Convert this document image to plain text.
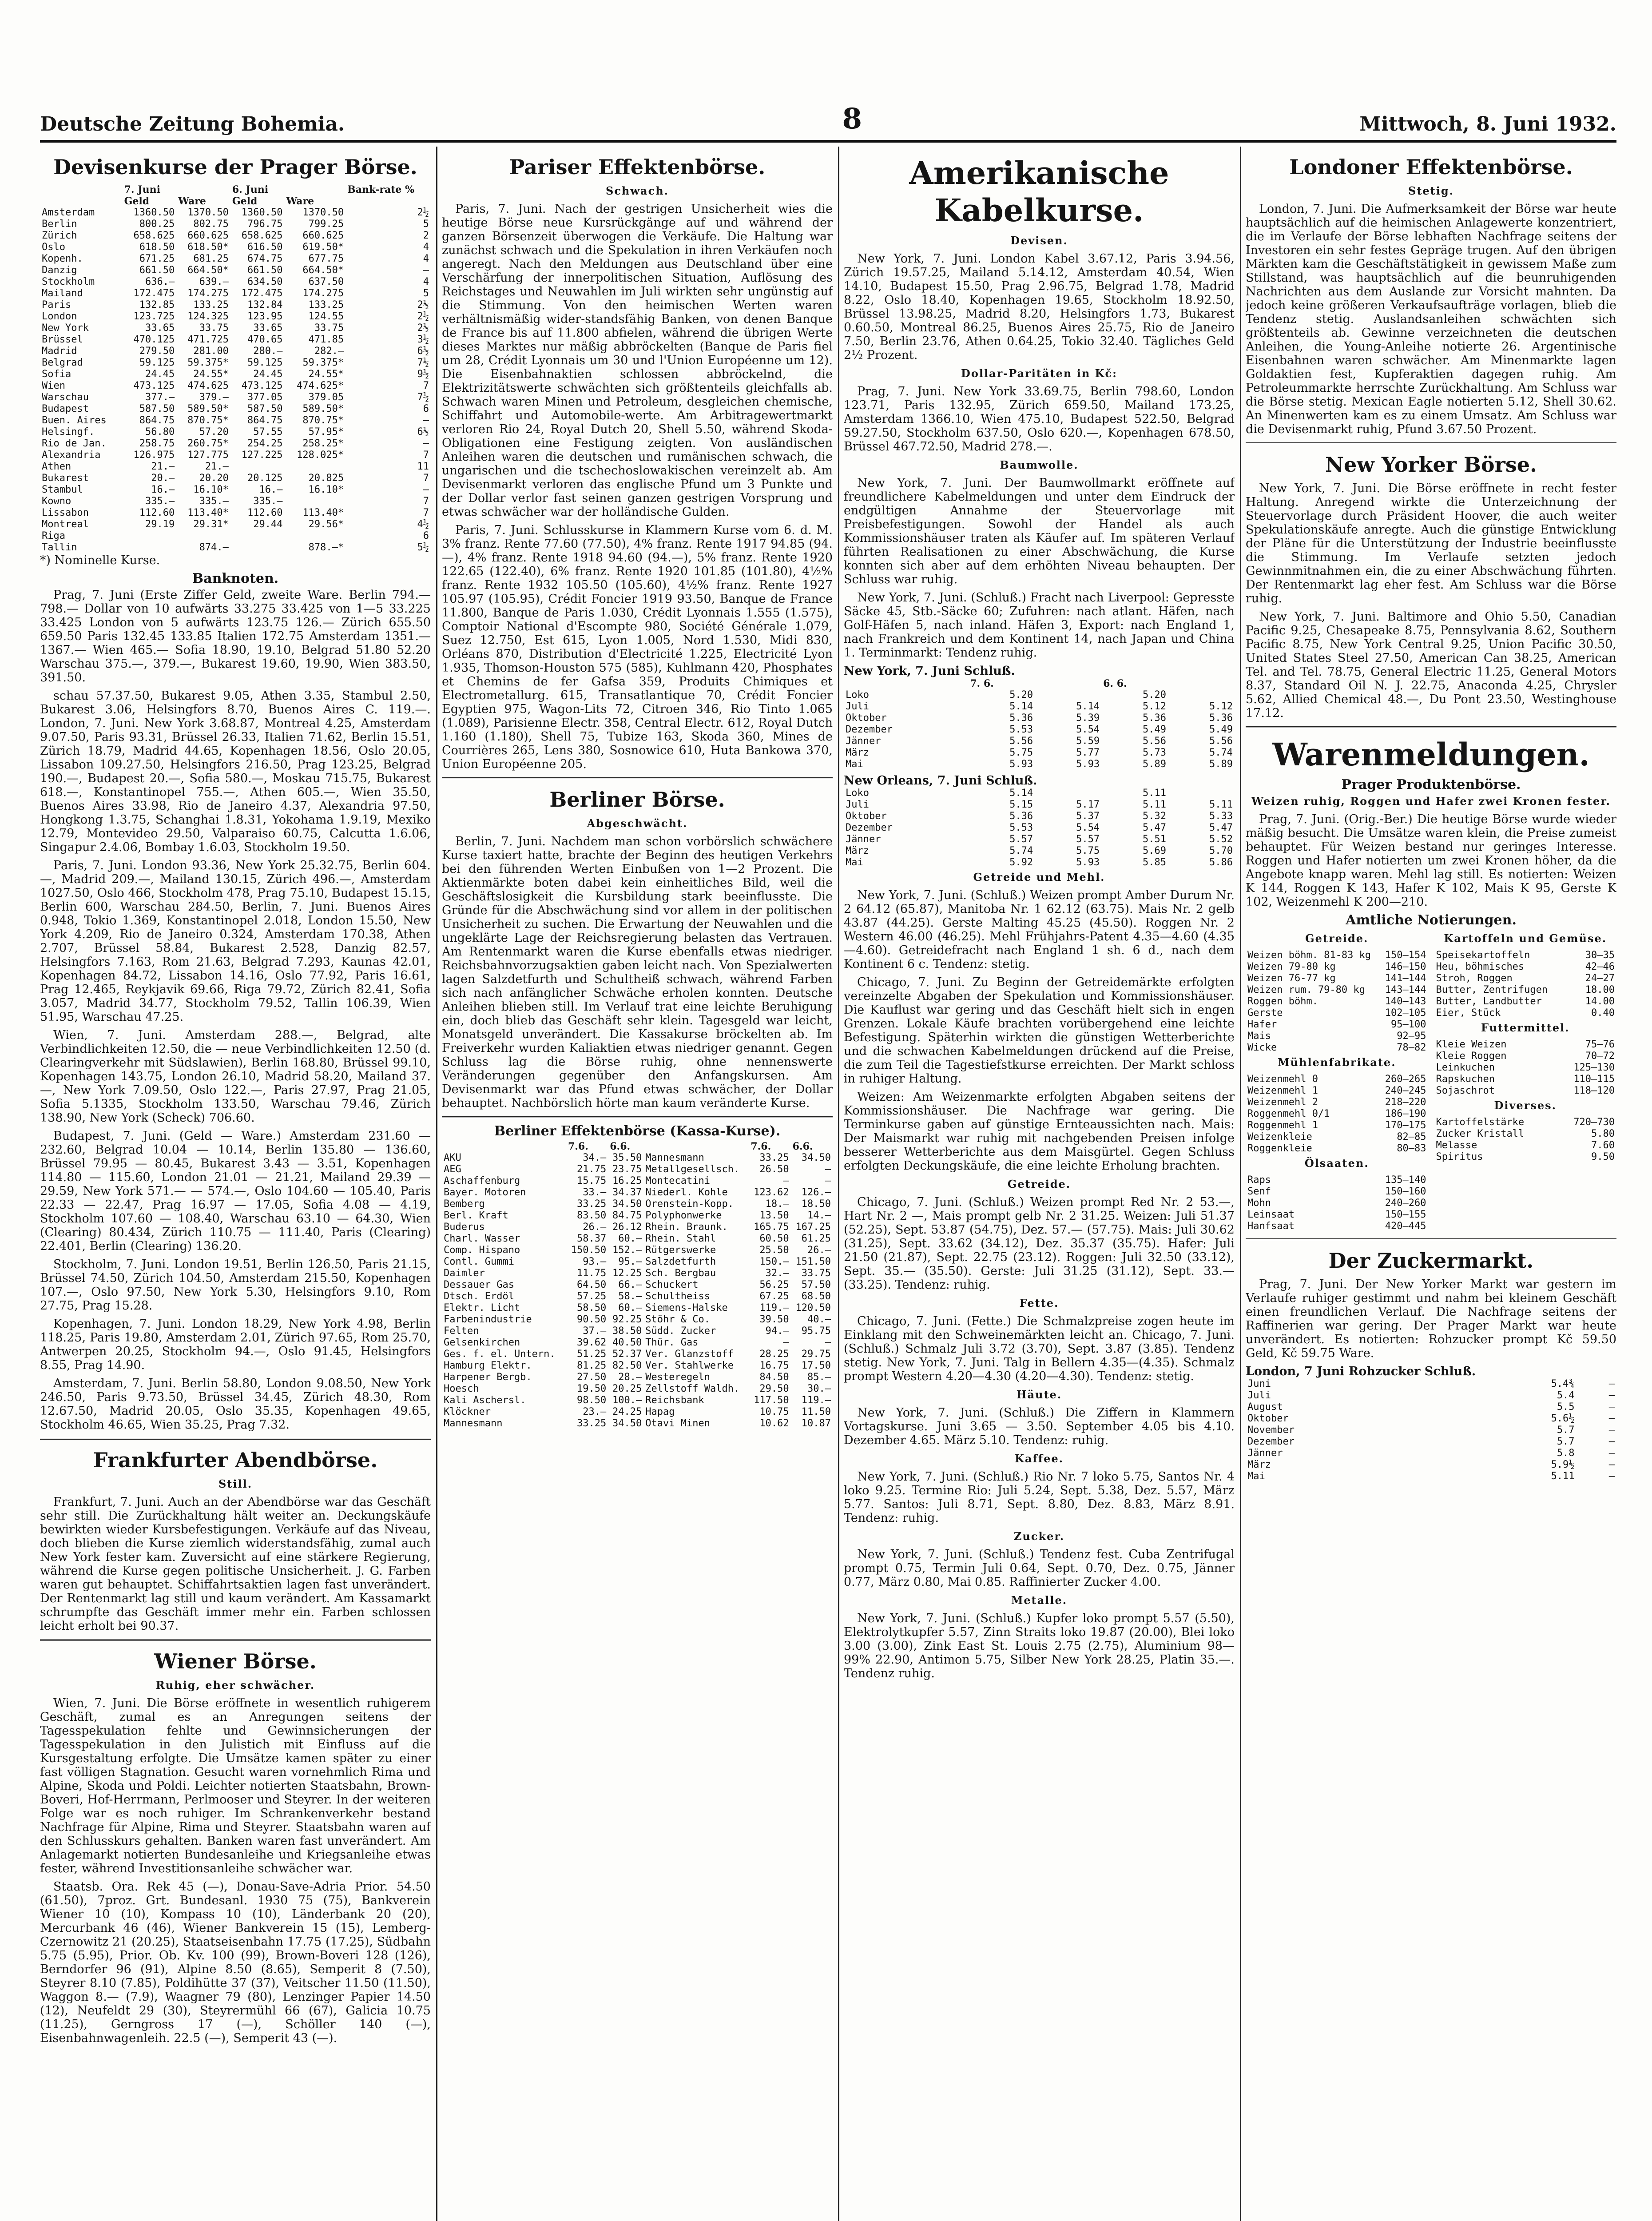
Deutsche Zeitung Bohemia.	8	Mittwoch, 8. Juni 1932.
Devisenkurse der Prager Börse.
	7. Juni		6. Juni		Bank-rate %
	Geld	Ware	Geld	Ware	
Amsterdam	1360.50	1370.50	1360.50	1370.50	2½
Berlin	800.25	802.75	796.75	799.25	5
Zürich	658.625	660.625	658.625	660.625	2
Oslo	618.50	618.50*	616.50	619.50*	4
Kopenh.	671.25	681.25	674.75	677.75	4
Danzig	661.50	664.50*	661.50	664.50*	—
Stockholm	636.—	639.—	634.50	637.50	4
Mailand	172.475	174.275	172.475	174.275	5
Paris	132.85	133.25	132.84	133.25	2½
London	123.725	124.325	123.95	124.55	2½
New York	33.65	33.75	33.65	33.75	2½
Brüssel	470.125	471.725	470.65	471.85	3½
Madrid	279.50	281.00	280.—	282.—	6½
Belgrad	59.125	59.375*	59.125	59.375*	7½
Sofia	24.45	24.55*	24.45	24.55*	9½
Wien	473.125	474.625	473.125	474.625*	7
Warschau	377.—	379.—	377.05	379.05	7½
Budapest	587.50	589.50*	587.50	589.50*	6
Buen. Aires	864.75	870.75*	864.75	870.75*	—
Helsingf.	56.80	57.20	57.55	57.95*	6½
Rio de Jan.	258.75	260.75*	254.25	258.25*	—
Alexandria	126.975	127.775	127.225	128.025*	7
Athen	21.—	21.—			11
Bukarest	20.—	20.20	20.125	20.825	7
Stambul	16.—	16.10*	16.—	16.10*	—
Kowno	335.—	335.—	335.—		7
Lissabon	112.60	113.40*	112.60	113.40*	7
Montreal	29.19	29.31*	29.44	29.56*	4½
Riga					6
Tallin		874.—		878.—*	5½
*) Nominelle Kurse.
Banknoten.

Prag, 7. Juni (Erste Ziffer Geld, zweite Ware. Berlin 794.— 798.— Dollar von 10 aufwärts 33.275 33.425 von 1—5 33.225 33.425 London von 5 aufwärts 123.75 126.— Zürich 655.50 659.50 Paris 132.45 133.85 Italien 172.75 Amsterdam 1351.— 1367.— Wien 465.— Sofia 18.90, 19.10, Belgrad 51.80 52.20 Warschau 375.—, 379.—, Bukarest 19.60, 19.90, Wien 383.50, 391.50.

schau 57.37.50, Bukarest 9.05, Athen 3.35, Stambul 2.50, Bukarest 3.06, Helsingfors 8.70, Buenos Aires C. 119.—. London, 7. Juni. New York 3.68.87, Montreal 4.25, Amsterdam 9.07.50, Paris 93.31, Brüssel 26.33, Italien 71.62, Berlin 15.51, Zürich 18.79, Madrid 44.65, Kopenhagen 18.56, Oslo 20.05, Lissabon 109.27.50, Helsingfors 216.50, Prag 123.25, Belgrad 190.—, Budapest 20.—, Sofia 580.—, Moskau 715.75, Bukarest 618.—, Konstantinopel 755.—, Athen 605.—, Wien 35.50, Buenos Aires 33.98, Rio de Janeiro 4.37, Alexandria 97.50, Hongkong 1.3.75, Schanghai 1.8.31, Yokohama 1.9.19, Mexiko 12.79, Montevideo 29.50, Valparaiso 60.75, Calcutta 1.6.06, Singapur 2.4.06, Bombay 1.6.03, Stockholm 19.50.

Paris, 7. Juni. London 93.36, New York 25.32.75, Berlin 604.—, Madrid 209.—, Mailand 130.15, Zürich 496.—, Amsterdam 1027.50, Oslo 466, Stockholm 478, Prag 75.10, Budapest 15.15, Berlin 600, Warschau 284.50, Berlin, 7. Juni. Buenos Aires 0.948, Tokio 1.369, Konstantinopel 2.018, London 15.50, New York 4.209, Rio de Janeiro 0.324, Amsterdam 170.38, Athen 2.707, Brüssel 58.84, Bukarest 2.528, Danzig 82.57, Helsingfors 7.163, Rom 21.63, Belgrad 7.293, Kaunas 42.01, Kopenhagen 84.72, Lissabon 14.16, Oslo 77.92, Paris 16.61, Prag 12.465, Reykjavik 69.66, Riga 79.72, Zürich 82.41, Sofia 3.057, Madrid 34.77, Stockholm 79.52, Tallin 106.39, Wien 51.95, Warschau 47.25.

Wien, 7. Juni. Amsterdam 288.—, Belgrad, alte Verbindlichkeiten 12.50, die — neue Verbindlichkeiten 12.50 (d. Clearingverkehr mit Südslawien), Berlin 168.80, Brüssel 99.10, Kopenhagen 143.75, London 26.10, Madrid 58.20, Mailand 37.—, New York 7.09.50, Oslo 122.—, Paris 27.97, Prag 21.05, Sofia 5.1335, Stockholm 133.50, Warschau 79.46, Zürich 138.90, New York (Scheck) 706.60.

Budapest, 7. Juni. (Geld — Ware.) Amsterdam 231.60 — 232.60, Belgrad 10.04 — 10.14, Berlin 135.80 — 136.60, Brüssel 79.95 — 80.45, Bukarest 3.43 — 3.51, Kopenhagen 114.80 — 115.60, London 21.01 — 21.21, Mailand 29.39 — 29.59, New York 571.— — 574.—, Oslo 104.60 — 105.40, Paris 22.33 — 22.47, Prag 16.97 — 17.05, Sofia 4.08 — 4.19, Stockholm 107.60 — 108.40, Warschau 63.10 — 64.30, Wien (Clearing) 80.434, Zürich 110.75 — 111.40, Paris (Clearing) 22.401, Berlin (Clearing) 136.20.

Stockholm, 7. Juni. London 19.51, Berlin 126.50, Paris 21.15, Brüssel 74.50, Zürich 104.50, Amsterdam 215.50, Kopenhagen 107.—, Oslo 97.50, New York 5.30, Helsingfors 9.10, Rom 27.75, Prag 15.28.

Kopenhagen, 7. Juni. London 18.29, New York 4.98, Berlin 118.25, Paris 19.80, Amsterdam 2.01, Zürich 97.65, Rom 25.70, Antwerpen 20.25, Stockholm 94.—, Oslo 91.45, Helsingfors 8.55, Prag 14.90.

Amsterdam, 7. Juni. Berlin 58.80, London 9.08.50, New York 246.50, Paris 9.73.50, Brüssel 34.45, Zürich 48.30, Rom 12.67.50, Madrid 20.05, Oslo 35.35, Kopenhagen 49.65, Stockholm 46.65, Wien 35.25, Prag 7.32.

Frankfurter Abendbörse.
Still.

Frankfurt, 7. Juni. Auch an der Abendbörse war das Geschäft sehr still. Die Zurückhaltung hält weiter an. Deckungskäufe bewirkten wieder Kursbefestigungen. Verkäufe auf das Niveau, doch blieben die Kurse ziemlich widerstandsfähig, zumal auch New York fester kam. Zuversicht auf eine stärkere Regierung, während die Kurse gegen politische Unsicherheit. J. G. Farben waren gut behauptet. Schiffahrtsaktien lagen fast unverändert. Der Rentenmarkt lag still und kaum verändert. Am Kassamarkt schrumpfte das Geschäft immer mehr ein. Farben schlossen leicht erholt bei 90.37.

Wiener Börse.
Ruhig, eher schwächer.

Wien, 7. Juni. Die Börse eröffnete in wesentlich ruhigerem Geschäft, zumal es an Anregungen seitens der Tagesspekulation fehlte und Gewinnsicherungen der Tagesspekulation in den Julistich mit Einfluss auf die Kursgestaltung erfolgte. Die Umsätze kamen später zu einer fast völligen Stagnation. Gesucht waren vornehmlich Rima und Alpine, Skoda und Poldi. Leichter notierten Staatsbahn, Brown-Boveri, Hof-Herrmann, Perlmooser und Steyrer. In der weiteren Folge war es noch ruhiger. Im Schrankenverkehr bestand Nachfrage für Alpine, Rima und Steyrer. Staatsbahn waren auf den Schlusskurs gehalten. Banken waren fast unverändert. Am Anlagemarkt notierten Bundesanleihe und Kriegsanleihe etwas fester, während Investitionsanleihe schwächer war.

Staatsb. Ora. Rek 45 (—), Donau-Save-Adria Prior. 54.50 (61.50), 7proz. Grt. Bundesanl. 1930 75 (75), Bankverein Wiener 10 (10), Kompass 10 (10), Länderbank 20 (20), Mercurbank 46 (46), Wiener Bankverein 15 (15), Lemberg-Czernowitz 21 (20.25), Staatseisenbahn 17.75 (17.25), Südbahn 5.75 (5.95), Prior. Ob. Kv. 100 (99), Brown-Boveri 128 (126), Berndorfer 96 (91), Alpine 8.50 (8.65), Semperit 8 (7.50), Steyrer 8.10 (7.85), Poldihütte 37 (37), Veitscher 11.50 (11.50), Waggon 8.— (7.9), Waagner 79 (80), Lenzinger Papier 14.50 (12), Neufeldt 29 (30), Steyrermühl 66 (67), Galicia 10.75 (11.25), Gerngross 17 (—), Schöller 140 (—), Eisenbahnwagenleih. 22.5 (—), Semperit 43 (—).

Pariser Effektenbörse.
Schwach.

Paris, 7. Juni. Nach der gestrigen Unsicherheit wies die heutige Börse neue Kursrückgänge auf und während der ganzen Börsenzeit überwogen die Verkäufe. Die Haltung war zunächst schwach und die Spekulation in ihren Verkäufen noch angeregt. Nach den Meldungen aus Deutschland über eine Verschärfung der innerpolitischen Situation, Auflösung des Reichstages und Neuwahlen im Juli wirkten sehr ungünstig auf die Stimmung. Von den heimischen Werten waren verhältnismäßig wider-standsfähig Banken, von denen Banque de France bis auf 11.800 abfielen, während die übrigen Werte dieses Marktes nur mäßig abbröckelten (Banque de Paris fiel um 28, Crédit Lyonnais um 30 und l'Union Européenne um 12). Die Eisenbahnaktien schlossen abbröckelnd, die Elektrizitätswerte schwächten sich größtenteils gleichfalls ab. Schwach waren Minen und Petroleum, desgleichen chemische, Schiffahrt und Automobile-werte. Am Arbitragewertmarkt verloren Rio 24, Royal Dutch 20, Shell 5.50, während Skoda-Obligationen eine Festigung zeigten. Von ausländischen Anleihen waren die deutschen und rumänischen schwach, die ungarischen und die tschechoslowakischen vereinzelt ab. Am Devisenmarkt verloren das englische Pfund um 3 Punkte und der Dollar verlor fast seinen ganzen gestrigen Vorsprung und etwas schwächer war der holländische Gulden.

Paris, 7. Juni. Schlusskurse in Klammern Kurse vom 6. d. M. 3% franz. Rente 77.60 (77.50), 4% franz. Rente 1917 94.85 (94.—), 4% franz. Rente 1918 94.60 (94.—), 5% franz. Rente 1920 122.65 (122.40), 6% franz. Rente 1920 101.85 (101.80), 4½% franz. Rente 1932 105.50 (105.60), 4½% franz. Rente 1927 105.97 (105.95), Crédit Foncier 1919 93.50, Banque de France 11.800, Banque de Paris 1.030, Crédit Lyonnais 1.555 (1.575), Comptoir National d'Escompte 980, Société Générale 1.079, Suez 12.750, Est 615, Lyon 1.005, Nord 1.530, Midi 830, Orléans 870, Distribution d'Electricité 1.225, Electricité Lyon 1.935, Thomson-Houston 575 (585), Kuhlmann 420, Phosphates et Chemins de fer Gafsa 359, Produits Chimiques et Electrometallurg. 615, Transatlantique 70, Crédit Foncier Egyptien 975, Wagon-Lits 72, Citroen 346, Rio Tinto 1.065 (1.089), Parisienne Electr. 358, Central Electr. 612, Royal Dutch 1.160 (1.180), Shell 75, Tubize 163, Skoda 360, Mines de Courrières 265, Lens 380, Sosnowice 610, Huta Bankowa 370, Union Européenne 205.

Berliner Börse.
Abgeschwächt.

Berlin, 7. Juni. Nachdem man schon vorbörslich schwächere Kurse taxiert hatte, brachte der Beginn des heutigen Verkehrs bei den führenden Werten Einbußen von 1—2 Prozent. Die Aktienmärkte boten dabei kein einheitliches Bild, weil die Geschäftslosigkeit die Kursbildung stark beeinflusste. Die Gründe für die Abschwächung sind vor allem in der politischen Unsicherheit zu suchen. Die Erwartung der Neuwahlen und die ungeklärte Lage der Reichsregierung belasten das Vertrauen. Am Rentenmarkt waren die Kurse ebenfalls etwas niedriger. Reichsbahnvorzugsaktien gaben leicht nach. Von Spezialwerten lagen Salzdetfurth und Schultheiß schwach, während Farben sich nach anfänglicher Schwäche erholen konnten. Deutsche Anleihen blieben still. Im Verlauf trat eine leichte Beruhigung ein, doch blieb das Geschäft sehr klein. Tagesgeld war leicht, Monatsgeld unverändert. Die Kassakurse bröckelten ab. Im Freiverkehr wurden Kaliaktien etwas niedriger genannt. Gegen Schluss lag die Börse ruhig, ohne nennenswerte Veränderungen gegenüber den Anfangskursen. Am Devisenmarkt war das Pfund etwas schwächer, der Dollar behauptet. Nachbörslich hörte man kaum veränderte Kurse.

Berliner Effektenbörse (Kassa-Kurse).
	7.6.	6.6.		7.6.	6.6.
AKU	34.—	35.50	Mannesmann	33.25	34.50
AEG	21.75	23.75	Metallgesellsch.	26.50	—
Aschaffenburg	15.75	16.25	Montecatini	—	—
Bayer. Motoren	33.—	34.37	Niederl. Kohle	123.62	126.—
Bemberg	33.25	34.50	Orenstein-Kopp.	18.—	18.50
Berl. Kraft	83.50	84.75	Polyphonwerke	13.50	14.—
Buderus	26.—	26.12	Rhein. Braunk.	165.75	167.25
Charl. Wasser	58.37	60.—	Rhein. Stahl	60.50	61.25
Comp. Hispano	150.50	152.—	Rütgerswerke	25.50	26.—
Contl. Gummi	93.—	95.—	Salzdetfurth	150.—	151.50
Daimler	11.75	12.25	Sch. Bergbau	32.—	33.75
Dessauer Gas	64.50	66.—	Schuckert	56.25	57.50
Dtsch. Erdöl	57.25	58.—	Schultheiss	67.25	68.50
Elektr. Licht	58.50	60.—	Siemens-Halske	119.—	120.50
Farbenindustrie	90.50	92.25	Stöhr & Co.	39.50	40.—
Felten	37.—	38.50	Südd. Zucker	94.—	95.75
Gelsenkirchen	39.62	40.50	Thür. Gas	—	—
Ges. f. el. Untern.	51.25	52.37	Ver. Glanzstoff	28.25	29.75
Hamburg Elektr.	81.25	82.50	Ver. Stahlwerke	16.75	17.50
Harpener Bergb.	27.50	28.—	Westeregeln	84.50	85.—
Hoesch	19.50	20.25	Zellstoff Waldh.	29.50	30.—
Kali Aschersl.	98.50	100.—	Reichsbank	117.50	119.—
Klöckner	23.—	24.25	Hapag	10.75	11.50
Mannesmann	33.25	34.50	Otavi Minen	10.62	10.87
Amerikanische Kabelkurse.
Devisen.

New York, 7. Juni. London Kabel 3.67.12, Paris 3.94.56, Zürich 19.57.25, Mailand 5.14.12, Amsterdam 40.54, Wien 14.10, Budapest 15.50, Prag 2.96.75, Belgrad 1.78, Madrid 8.22, Oslo 18.40, Kopenhagen 19.65, Stockholm 18.92.50, Brüssel 13.98.25, Madrid 8.20, Helsingfors 1.73, Bukarest 0.60.50, Montreal 86.25, Buenos Aires 25.75, Rio de Janeiro 7.50, Berlin 23.76, Athen 0.64.25, Tokio 32.40. Tägliches Geld 2½ Prozent.

Dollar-Paritäten in Kč:

Prag, 7. Juni. New York 33.69.75, Berlin 798.60, London 123.71, Paris 132.95, Zürich 659.50, Mailand 173.25, Amsterdam 1366.10, Wien 475.10, Budapest 522.50, Belgrad 59.27.50, Stockholm 637.50, Oslo 620.—, Kopenhagen 678.50, Brüssel 467.72.50, Madrid 278.—.

Baumwolle.

New York, 7. Juni. Der Baumwollmarkt eröffnete auf freundlichere Kabelmeldungen und unter dem Eindruck der endgültigen Annahme der Steuervorlage mit Preisbefestigungen. Sowohl der Handel als auch Kommissionshäuser traten als Käufer auf. Im späteren Verlauf führten Realisationen zu einer Abschwächung, die Kurse konnten sich aber auf dem erhöhten Niveau behaupten. Der Schluss war ruhig.

New York, 7. Juni. (Schluß.) Fracht nach Liverpool: Gepresste Säcke 45, Stb.-Säcke 60; Zufuhren: nach atlant. Häfen, nach Golf-Häfen 5, nach inland. Häfen 3, Export: nach England 1, nach Frankreich und dem Kontinent 14, nach Japan und China 1. Terminmarkt: Tendenz ruhig.

New York, 7. Juni Schluß.
	7. 6.		6. 6.	
Loko	5.20		5.20	
Juli	5.14	5.14	5.12	5.12
Oktober	5.36	5.39	5.36	5.36
Dezember	5.53	5.54	5.49	5.49
Jänner	5.56	5.59	5.56	5.56
März	5.75	5.77	5.73	5.74
Mai	5.93	5.93	5.89	5.89
New Orleans, 7. Juni Schluß.
Loko	5.14		5.11	
Juli	5.15	5.17	5.11	5.11
Oktober	5.36	5.37	5.32	5.33
Dezember	5.53	5.54	5.47	5.47
Jänner	5.57	5.57	5.51	5.52
März	5.74	5.75	5.69	5.70
Mai	5.92	5.93	5.85	5.86
Getreide und Mehl.

New York, 7. Juni. (Schluß.) Weizen prompt Amber Durum Nr. 2 64.12 (65.87), Manitoba Nr. 1 62.12 (63.75). Mais Nr. 2 gelb 43.87 (44.25). Gerste Malting 45.25 (45.50). Roggen Nr. 2 Western 46.00 (46.25). Mehl Frühjahrs-Patent 4.35—4.60 (4.35—4.60). Getreidefracht nach England 1 sh. 6 d., nach dem Kontinent 6 c. Tendenz: stetig.

Chicago, 7. Juni. Zu Beginn der Getreidemärkte erfolgten vereinzelte Abgaben der Spekulation und Kommissionshäuser. Die Kauflust war gering und das Geschäft hielt sich in engen Grenzen. Lokale Käufe brachten vorübergehend eine leichte Befestigung. Späterhin wirkten die günstigen Wetterberichte und die schwachen Kabelmeldungen drückend auf die Preise, die zum Teil die Tagestiefstkurse erreichten. Der Markt schloss in ruhiger Haltung.

Weizen: Am Weizenmarkte erfolgten Abgaben seitens der Kommissionshäuser. Die Nachfrage war gering. Die Terminkurse gaben auf günstige Ernteaussichten nach. Mais: Der Maismarkt war ruhig mit nachgebenden Preisen infolge besserer Wetterberichte aus dem Maisgürtel. Gegen Schluss erfolgten Deckungskäufe, die eine leichte Erholung brachten.

Getreide.

Chicago, 7. Juni. (Schluß.) Weizen prompt Red Nr. 2 53.—, Hart Nr. 2 —, Mais prompt gelb Nr. 2 31.25. Weizen: Juli 51.37 (52.25), Sept. 53.87 (54.75), Dez. 57.— (57.75). Mais: Juli 30.62 (31.25), Sept. 33.62 (34.12), Dez. 35.37 (35.75). Hafer: Juli 21.50 (21.87), Sept. 22.75 (23.12). Roggen: Juli 32.50 (33.12), Sept. 35.— (35.50). Gerste: Juli 31.25 (31.12), Sept. 33.— (33.25). Tendenz: ruhig.

Fette.

Chicago, 7. Juni. (Fette.) Die Schmalzpreise zogen heute im Einklang mit den Schweinemärkten leicht an. Chicago, 7. Juni. (Schluß.) Schmalz Juli 3.72 (3.70), Sept. 3.87 (3.85). Tendenz stetig. New York, 7. Juni. Talg in Bellern 4.35—(4.35). Schmalz prompt Western 4.20—4.30 (4.20—4.30). Tendenz: stetig.

Häute.

New York, 7. Juni. (Schluß.) Die Ziffern in Klammern Vortagskurse. Juni 3.65 — 3.50. September 4.05 bis 4.10. Dezember 4.65. März 5.10. Tendenz: ruhig.

Kaffee.

New York, 7. Juni. (Schluß.) Rio Nr. 7 loko 5.75, Santos Nr. 4 loko 9.25. Termine Rio: Juli 5.24, Sept. 5.38, Dez. 5.57, März 5.77. Santos: Juli 8.71, Sept. 8.80, Dez. 8.83, März 8.91. Tendenz: ruhig.

Zucker.

New York, 7. Juni. (Schluß.) Tendenz fest. Cuba Zentrifugal prompt 0.75, Termin Juli 0.64, Sept. 0.70, Dez. 0.75, Jänner 0.77, März 0.80, Mai 0.85. Raffinierter Zucker 4.00.

Metalle.

New York, 7. Juni. (Schluß.) Kupfer loko prompt 5.57 (5.50), Elektrolytkupfer 5.57, Zinn Straits loko 19.87 (20.00), Blei loko 3.00 (3.00), Zink East St. Louis 2.75 (2.75), Aluminium 98—99% 22.90, Antimon 5.75, Silber New York 28.25, Platin 35.—. Tendenz ruhig.

Londoner Effektenbörse.
Stetig.

London, 7. Juni. Die Aufmerksamkeit der Börse war heute hauptsächlich auf die heimischen Anlagewerte konzentriert, die im Verlaufe der Börse lebhaften Nachfrage seitens der Investoren ein sehr festes Gepräge trugen. Auf den übrigen Märkten kam die Geschäftstätigkeit in gewissem Maße zum Stillstand, was hauptsächlich auf die beunruhigenden Nachrichten aus dem Auslande zur Vorsicht mahnten. Da jedoch keine größeren Verkaufsaufträge vorlagen, blieb die Tendenz stetig. Auslandsanleihen schwächten sich größtenteils ab. Gewinne verzeichneten die deutschen Anleihen, die Young-Anleihe notierte 26. Argentinische Eisenbahnen waren schwächer. Am Minenmarkte lagen Goldaktien fest, Kupferaktien dagegen ruhig. Am Petroleummarkte herrschte Zurückhaltung. Am Schluss war die Börse stetig. Mexican Eagle notierten 5.12, Shell 30.62. An Minenwerten kam es zu einem Umsatz. Am Schluss war die Devisenmarkt ruhig, Pfund 3.67.50 Prozent.

New Yorker Börse.

New York, 7. Juni. Die Börse eröffnete in recht fester Haltung. Anregend wirkte die Unterzeichnung der Steuervorlage durch Präsident Hoover, die auch weiter Spekulationskäufe anregte. Auch die günstige Entwicklung der Pläne für die Unterstützung der Industrie beeinflusste die Stimmung. Im Verlaufe setzten jedoch Gewinnmitnahmen ein, die zu einer Abschwächung führten. Der Rentenmarkt lag eher fest. Am Schluss war die Börse ruhig.

New York, 7. Juni. Baltimore and Ohio 5.50, Canadian Pacific 9.25, Chesapeake 8.75, Pennsylvania 8.62, Southern Pacific 8.75, New York Central 9.25, Union Pacific 30.50, United States Steel 27.50, American Can 38.25, American Tel. and Tel. 78.75, General Electric 11.25, General Motors 8.37, Standard Oil N. J. 22.75, Anaconda 4.25, Chrysler 5.62, Allied Chemical 48.—, Du Pont 23.50, Westinghouse 17.12.

Warenmeldungen.
Prager Produktenbörse.
Weizen ruhig, Roggen und Hafer zwei Kronen fester.

Prag, 7. Juni. (Orig.-Ber.) Die heutige Börse wurde wieder mäßig besucht. Die Umsätze waren klein, die Preise zumeist behauptet. Für Weizen bestand nur geringes Interesse. Roggen und Hafer notierten um zwei Kronen höher, da die Angebote knapp waren. Mehl lag still. Es notierten: Weizen K 144, Roggen K 143, Hafer K 102, Mais K 95, Gerste K 102, Weizenmehl K 200—210.

Amtliche Notierungen.
Getreide.
Weizen böhm. 81-83 kg	150—154
Weizen 79-80 kg	146—150
Weizen 76-77 kg	141—144
Weizen rum. 79-80 kg	143—144
Roggen böhm.	140—143
Gerste	102—105
Hafer	95—100
Mais	92—95
Wicke	78—82
Mühlenfabrikate.
Weizenmehl 0	260—265
Weizenmehl 1	240—245
Weizenmehl 2	218—220
Roggenmehl 0/1	186—190
Roggenmehl 1	170—175
Weizenkleie	82—85
Roggenkleie	80—83
Ölsaaten.
Raps	135—140
Senf	150—160
Mohn	240—260
Leinsaat	150—155
Hanfsaat	420—445
Kartoffeln und Gemüse.
Speisekartoffeln	30—35
Heu, böhmisches	42—46
Stroh, Roggen	24—27
Butter, Zentrifugen	18.00
Butter, Landbutter	14.00
Eier, Stück	0.40
Futtermittel.
Kleie Weizen	75—76
Kleie Roggen	70—72
Leinkuchen	125—130
Rapskuchen	110—115
Sojaschrot	118—120
Diverses.
Kartoffelstärke	720—730
Zucker Kristall	5.80
Melasse	7.60
Spiritus	9.50
Der Zuckermarkt.

Prag, 7. Juni. Der New Yorker Markt war gestern im Verlaufe ruhiger gestimmt und nahm bei kleinem Geschäft einen freundlichen Verlauf. Die Nachfrage seitens der Raffinerien war gering. Der Prager Markt war heute unverändert. Es notierten: Rohzucker prompt Kč 59.50 Geld, Kč 59.75 Ware.

London, 7 Juni Rohzucker Schluß.
Juni	5.4¾	—
Juli	5.4	—
August	5.5	—
Oktober	5.6½	—
November	5.7	—
Dezember	5.7	—
Jänner	5.8	—
März	5.9½	—
Mai	5.11	—
